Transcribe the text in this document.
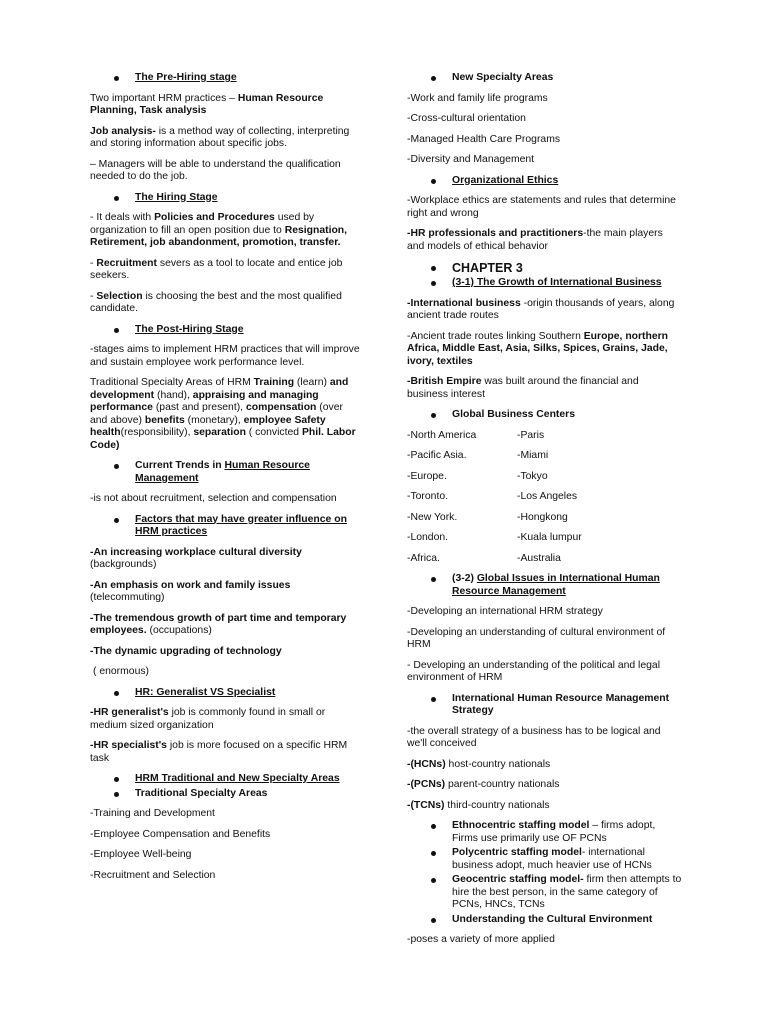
The Pre-Hiring stage

Two important HRM practices – Human Resource Planning, Task analysis

Job analysis- is a method way of collecting, interpreting and storing information about specific jobs.

– Managers will be able to understand the qualification needed to do the job.

The Hiring Stage

- It deals with Policies and Procedures used by organization to fill an open position due to Resignation, Retirement, job abandonment, promotion, transfer.

- Recruitment severs as a tool to locate and entice job seekers.

- Selection is choosing the best and the most qualified candidate.

The Post-Hiring Stage

-stages aims to implement HRM practices that will improve and sustain employee work performance level.

Traditional Specialty Areas of HRM Training (learn) and development (hand), appraising and managing performance (past and present), compensation (over and above) benefits (monetary), employee Safety health(responsibility), separation ( convicted Phil. Labor Code)

Current Trends in Human Resource Management

-is not about recruitment, selection and compensation

Factors that may have greater influence on HRM practices

-An increasing workplace cultural diversity (backgrounds)

-An emphasis on work and family issues (telecommuting)

-The tremendous growth of part time and temporary employees. (occupations)

-The dynamic upgrading of technology

( enormous)

HR: Generalist VS Specialist

-HR generalist's job is commonly found in small or medium sized organization

-HR specialist's job is more focused on a specific HRM task

HRM Traditional and New Specialty Areas
Traditional Specialty Areas

-Training and Development

-Employee Compensation and Benefits

-Employee Well-being

-Recruitment and Selection

New Specialty Areas

-Work and family life programs

-Cross-cultural orientation

-Managed Health Care Programs

-Diversity and Management

Organizational Ethics

-Workplace ethics are statements and rules that determine right and wrong

-HR professionals and practitioners-the main players and models of ethical behavior

CHAPTER 3
(3-1) The Growth of International Business

-International business -origin thousands of years, along ancient trade routes

-Ancient trade routes linking Southern Europe, northern Africa, Middle East, Asia, Silks, Spices, Grains, Jade, ivory, textiles

-British Empire was built around the financial and business interest

Global Business Centers
-North America	-Paris
-Pacific Asia.	-Miami
-Europe.	-Tokyo
-Toronto.	-Los Angeles
-New York.	-Hongkong
-London.	-Kuala lumpur
-Africa.	-Australia
(3-2) Global Issues in International Human Resource Management

-Developing an international HRM strategy

-Developing an understanding of cultural environment of HRM

- Developing an understanding of the political and legal environment of HRM

International Human Resource Management Strategy

-the overall strategy of a business has to be logical and we'll conceived

-(HCNs) host-country nationals

-(PCNs) parent-country nationals

-(TCNs) third-country nationals

Ethnocentric staffing model – firms adopt, Firms use primarily use OF PCNs
Polycentric staffing model- international business adopt, much heavier use of HCNs
Geocentric staffing model- firm then attempts to hire the best person, in the same category of PCNs, HNCs, TCNs
Understanding the Cultural Environment

-poses a variety of more applied
